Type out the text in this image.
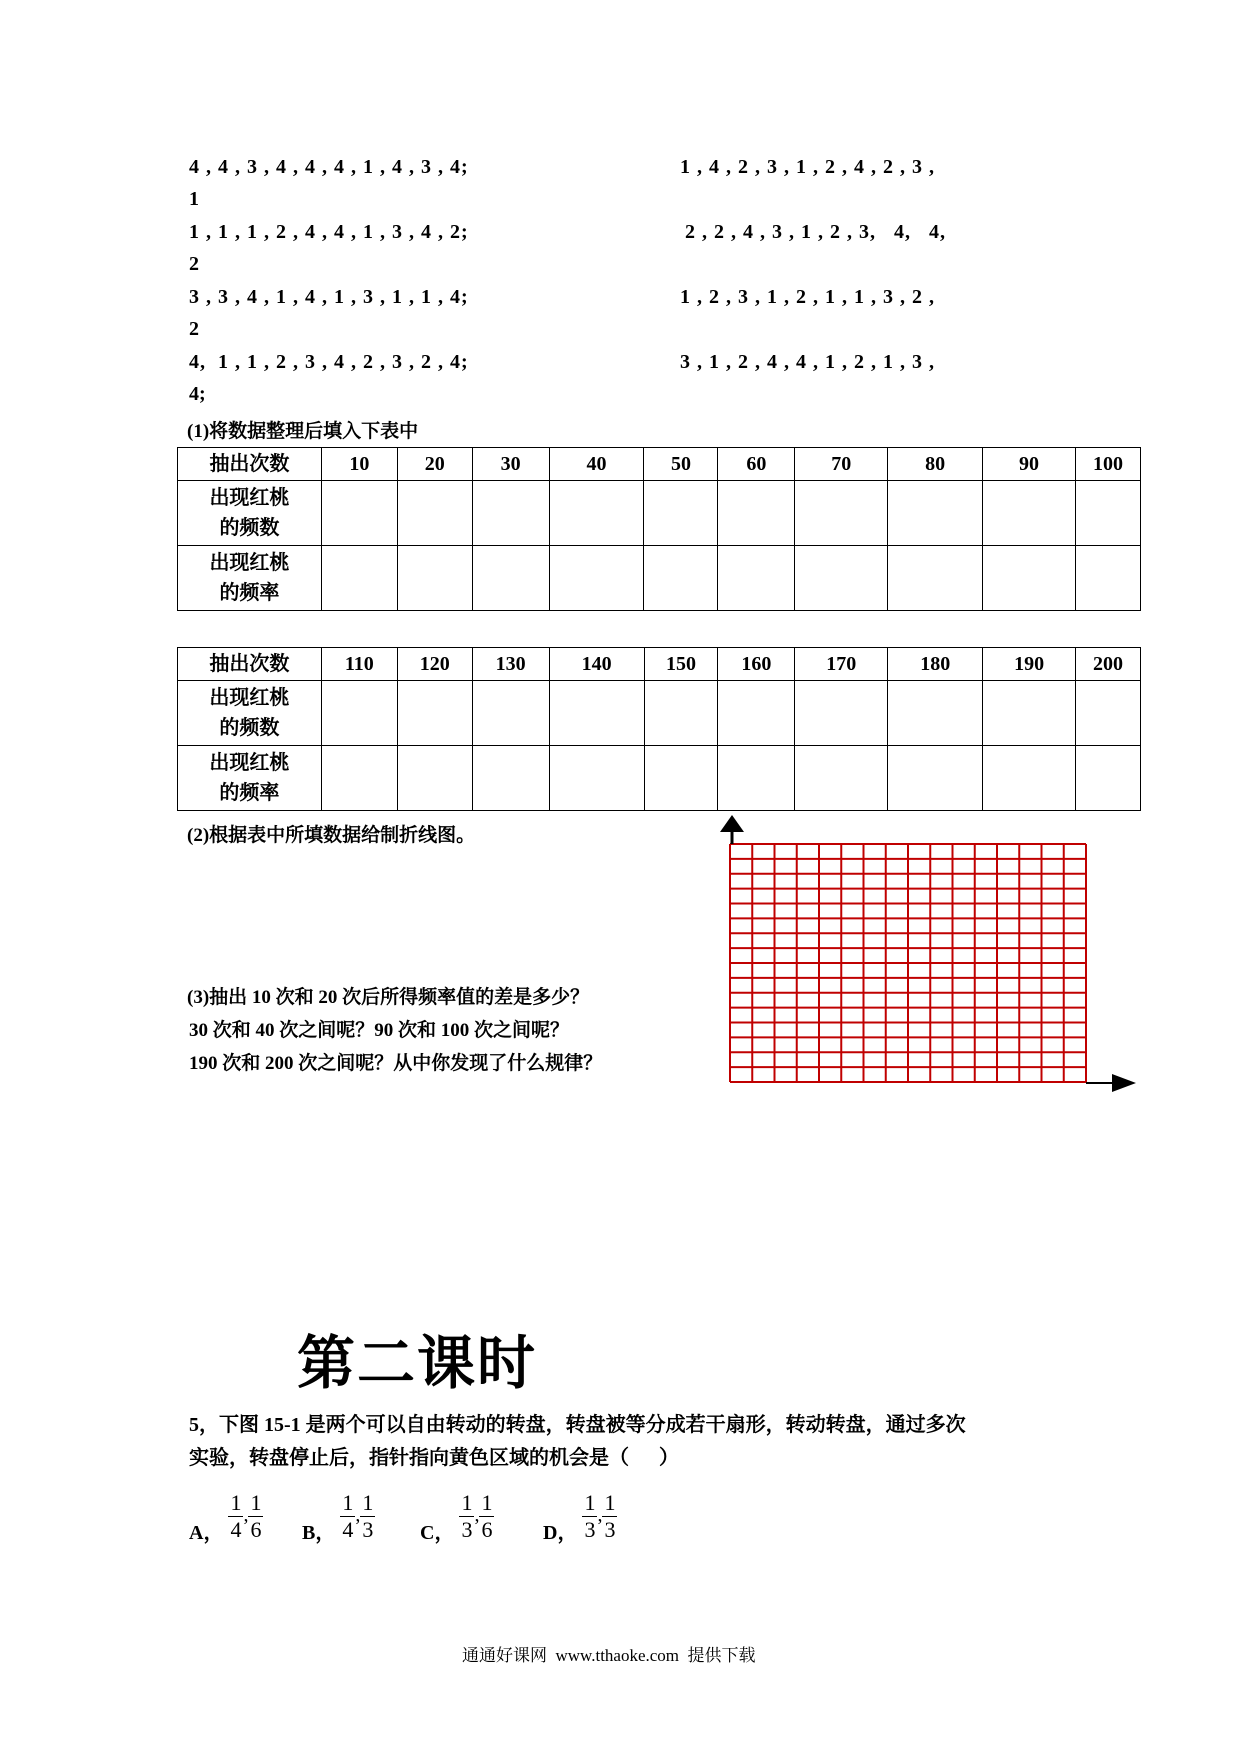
4 , 4 , 3 , 4 , 4 , 4 , 1 , 4 , 3 , 4;	1 , 4 , 2 , 3 , 1 , 2 , 4 , 2 , 3 ,
1
1 , 1 , 1 , 2 , 4 , 4 , 1 , 3 , 4 , 2;	2 , 2 , 4 , 3 , 1 , 2 , 3,   4,   4,
2
3 , 3 , 4 , 1 , 4 , 1 , 3 , 1 , 1 , 4;	1 , 2 , 3 , 1 , 2 , 1 , 1 , 3 , 2 ,
2
4,  1 , 1 , 2 , 3 , 4 , 2 , 3 , 2 , 4;	3 , 1 , 2 , 4 , 4 , 1 , 2 , 1 , 3 ,
4;
(1)将数据整理后填入下表中
抽出次数	10	20	30	40	50	60	70	80	90	100
出现红桃的频数										
出现红桃的频率										
抽出次数	110	120	130	140	150	160	170	180	190	200
出现红桃的频数										
出现红桃的频率										
(2)根据表中所填数据给制折线图。
(3)抽出 10 次和 20 次后所得频率值的差是多少？
30 次和 40 次之间呢？90 次和 100 次之间呢？
190 次和 200 次之间呢？从中你发现了什么规律？
第二课时
5，下图 15-1 是两个可以自由转动的转盘，转盘被等分成若干扇形，转动转盘，通过多次
实验，转盘停止后，指针指向黄色区域的机会是（      ）
A， $\frac{1}{4}$ , $\frac{1}{6}$ B， $\frac{1}{4}$ , $\frac{1}{3}$ C， $\frac{1}{3}$ , $\frac{1}{6}$ D， $\frac{1}{3}$ , $\frac{1}{3}$
通通好课网  www.tthaoke.com  提供下载
